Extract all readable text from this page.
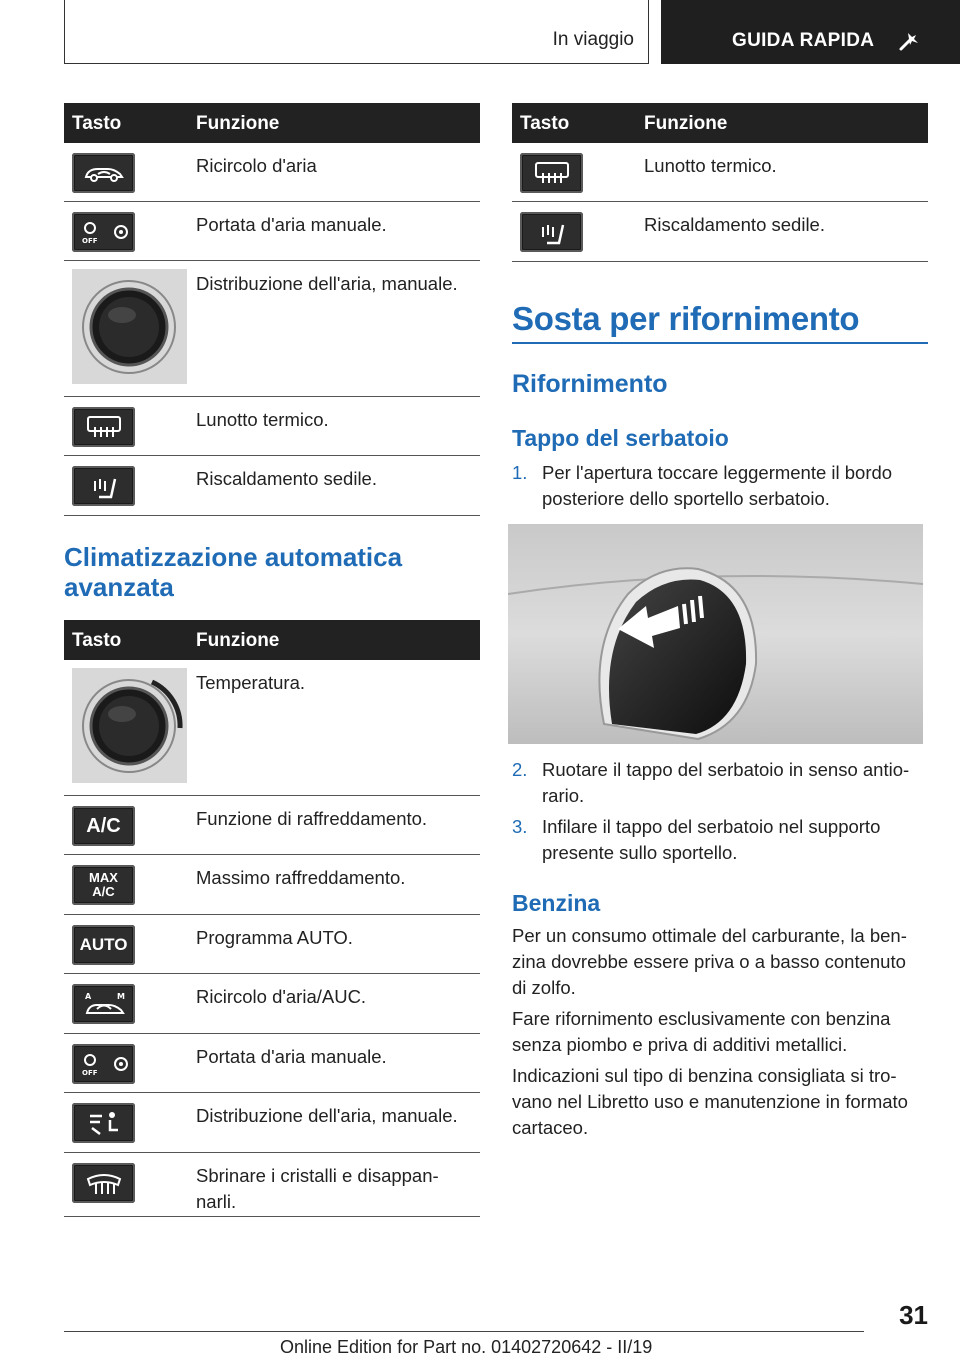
In viaggio	GUIDA RAPIDA
Tasto	Funzione
Ricircolo d'aria
OFF
Portata d'aria manuale.
Distribuzione dell'aria, manuale.
Lunotto termico.
Riscaldamento sedile.
Climatizzazione automatica
avanzata
Tasto	Funzione
Temperatura.
A/C	Funzione di raffreddamento.
MAX
A/C
Massimo raffreddamento.
AUTO	Programma AUTO.
A	M	Ricircolo d'aria/AUC.
OFF
Portata d'aria manuale.
Distribuzione dell'aria, manuale.
Sbrinare i cristalli e disappan-
narli.
Tasto	Funzione
Lunotto termico.
Riscaldamento sedile.
Sosta per rifornimento
Rifornimento
Tappo del serbatoio
1. Per l'apertura toccare leggermente il bordo
posteriore dello sportello serbatoio.
2. Ruotare il tappo del serbatoio in senso antio-
rario.
3. Infilare il tappo del serbatoio nel supporto
presente sullo sportello.
Benzina
Per un consumo ottimale del carburante, la ben-
zina dovrebbe essere priva o a basso contenuto
di zolfo.
Fare rifornimento esclusivamente con benzina
senza piombo e priva di additivi metallici.
Indicazioni sul tipo di benzina consigliata si tro-
vano nel Libretto uso e manutenzione in formato
cartaceo.
31
Online Edition for Part no. 01402720642 - II/19
